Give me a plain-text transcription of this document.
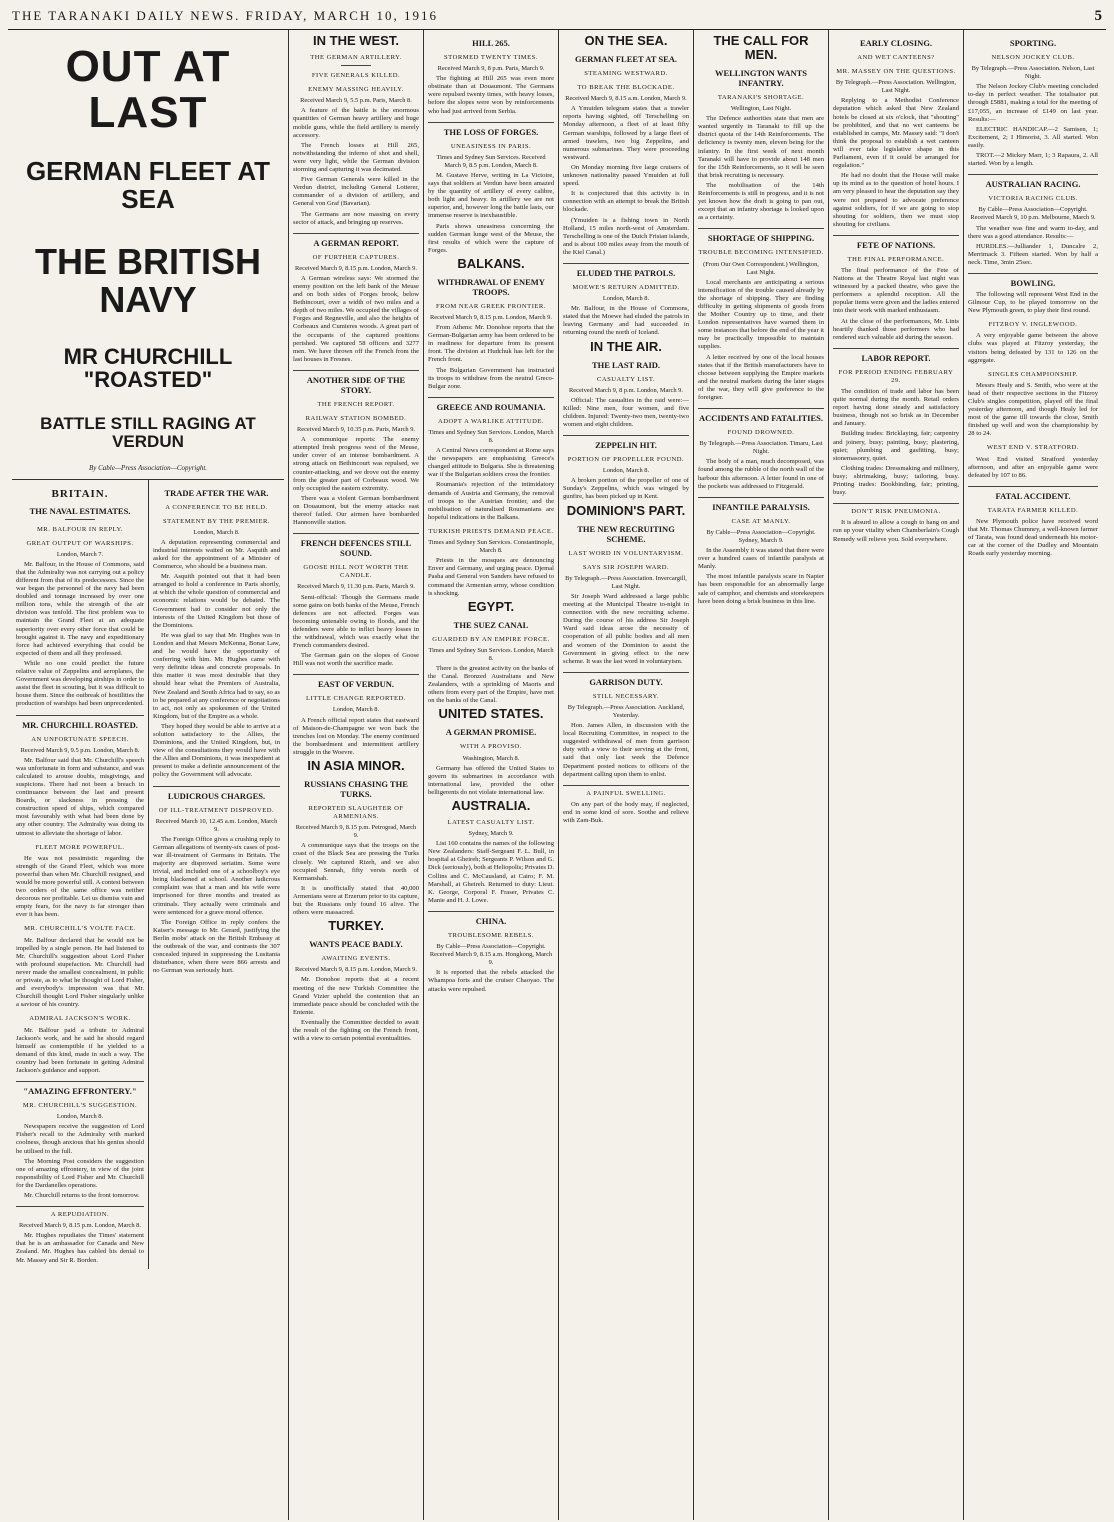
THE TARANAKI DAILY NEWS. FRIDAY, MARCH 10, 1916	5
OUT AT LAST
GERMAN FLEET AT SEA
THE BRITISH NAVY
MR CHURCHILL "ROASTED"
BATTLE STILL RAGING AT VERDUN
By Cable—Press Association—Copyright.
BRITAIN.
THE NAVAL ESTIMATES.
MR. BALFOUR IN REPLY.
GREAT OUTPUT OF WARSHIPS.
London, March 7.

Mr. Balfour, in the House of Commons, said that the Admiralty was not carrying out a policy different from that of its predecessors. Since the war began the personnel of the navy had been doubled and tonnage increased by over one million tons, while the strength of the air division was tenfold. The first problem was to maintain the Grand Fleet at an adequate superiority over every other force that could be brought against it. The navy and expeditionary force had achieved everything that could be expected of them and all they professed.

While no one could predict the future relative value of Zeppelins and aeroplanes, the Government was developing airships in order to assist the fleet in scouting, but it was difficult to house them. Since the outbreak of hostilities the production of warships had been unprecedented.

MR. CHURCHILL ROASTED.
AN UNFORTUNATE SPEECH.
Received March 9, 9.5 p.m. London, March 8.

Mr. Balfour said that Mr. Churchill's speech was unfortunate in form and substance, and was calculated to arouse doubts, misgivings, and suspicions. There had not been a breach in continuance between the last and present Boards, or slackness in pressing the construction speed of ships, which compared most favourably with what had been done by any other country. The Admiralty was doing its utmost to alleviate the shortage of labor.

FLEET MORE POWERFUL.

He was not pessimistic regarding the strength of the Grand Fleet, which was more powerful than when Mr. Churchill resigned, and would be more powerful still. A contest between two orders of the same office was neither decorous nor profitable. Let us dismiss vain and empty fears, for the navy is far stronger than ever it has been.

MR. CHURCHILL'S VOLTE FACE.

Mr. Balfour declared that he would not be impelled by a single person. He had listened to Mr. Churchill's suggestion about Lord Fisher with profound stupefaction. Mr. Churchill had never made the smallest concealment, in public or private, as to what he thought of Lord Fisher, and everybody's impression was that Mr. Churchill thought Lord Fisher singularly unlike a saviour of his country.

ADMIRAL JACKSON'S WORK.

Mr. Balfour paid a tribute to Admiral Jackson's work, and he said he should regard himself as contemptible if he yielded to a demand of this kind, made in such a way. The country had been fortunate in getting Admiral Jackson's guidance and support.

"AMAZING EFFRONTERY."
MR. CHURCHILL'S SUGGESTION.
London, March 8.

Newspapers receive the suggestion of Lord Fisher's recall to the Admiralty with marked coolness, though anxious that his genius should be utilised to the full.

The Morning Post considers the suggestion one of amazing effrontery, in view of the joint responsibility of Lord Fisher and Mr. Churchill for the Dardanelles operations.

Mr. Churchill returns to the front tomorrow.

A REPUDIATION.
Received March 9, 8.15 p.m. London, March 8.

Mr. Hughes repudiates the Times' statement that he is an ambassador for Canada and New Zealand. Mr. Hughes has cabled his denial to Mr. Massey and Sir R. Borden.

TRADE AFTER THE WAR.
A CONFERENCE TO BE HELD.
STATEMENT BY THE PREMIER.
London, March 8.

A deputation representing commercial and industrial interests waited on Mr. Asquith and asked for the appointment of a Minister of Commerce, who should be a business man.

Mr. Asquith pointed out that it had been arranged to hold a conference in Paris shortly, at which the whole question of commercial and economic relations would be debated. The Government had to consider not only the interests of the United Kingdom but those of the Dominions.

He was glad to say that Mr. Hughes was in London and that Messrs McKenna, Bonar Law, and he would have the opportunity of conferring with him. Mr. Hughes came with very definite ideas and concrete proposals. In this matter it was most desirable that they should hear what the Premiers of Australia, New Zealand and South Africa had to say, so as to be prepared at any conference or negotiations to act, not only as spokesmen of the United Kingdom, but of the Empire as a whole.

They hoped they would be able to arrive at a solution satisfactory to the Allies, the Dominions, and the United Kingdom, but, in view of the consultations they would have with the Allies and Dominions, it was inexpedient at present to make a definite announcement of the policy the Government will advocate.

LUDICROUS CHARGES.
OF ILL-TREATMENT DISPROVED.
Received March 10, 12.45 a.m. London, March 9.

The Foreign Office gives a crushing reply to German allegations of twenty-six cases of post-war ill-treatment of Germans in Britain. The majority are disproved seriatim. Some were trivial, and included one of a schoolboy's eye being blackened at school. Another ludicrous complaint was that a man and his wife were imprisoned for three months and treated as criminals. They actually were criminals and were sentenced for a grave moral offence.

The Foreign Office in reply confers the Kaiser's message to Mr. Gerard, justifying the Berlin mobs' attack on the British Embassy at the outbreak of the war, and contrasts the 307 concealed injured in suppressing the Lusitania disturbance, when there were 866 arrests and no German was seriously hurt.

IN THE WEST.
THE GERMAN ARTILLERY.
FIVE GENERALS KILLED.
ENEMY MASSING HEAVILY.
Received March 9, 5.5 p.m. Paris, March 8.

A feature of the battle is the enormous quantities of German heavy artillery and huge mobile guns, while the field artillery is merely accessory.

The French losses at Hill 265, notwithstanding the inferno of shot and shell, were very light, while the German division storming and capturing it was decimated.

Five German Generals were killed in the Verdun district, including General Lotterer, commander of a division of artillery, and General von Graf (Bavarian).

The Germans are now massing on every sector of attack, and bringing up reserves.

A GERMAN REPORT.
OF FURTHER CAPTURES.
Received March 9, 8.15 p.m. London, March 9.

A German wireless says: We stormed the enemy position on the left bank of the Meuse and on both sides of Forges brook, below Bethincourt, over a width of two miles and a depth of two miles. We occupied the villages of Forges and Regneville, and also the heights of Corbeaux and Cumieres woods. A great part of the occupants of the captured positions perished. We captured 58 officers and 3277 men. We have thrown off the French from the last houses in Fresnes.

ANOTHER SIDE OF THE STORY.
THE FRENCH REPORT.
RAILWAY STATION BOMBED.
Received March 9, 10.35 p.m. Paris, March 9.

A communique reports: The enemy attempted fresh progress west of the Meuse, under cover of an intense bombardment. A strong attack on Bethincourt was repulsed, we counter-attacking, and we drove out the enemy from the greater part of Corbeaux wood. We only occupied the eastern extremity.

There was a violent German bombardment on Douaumont, but the enemy attacks east thereof failed. Our airmen have bombarded Hannonville station.

FRENCH DEFENCES STILL SOUND.
GOOSE HILL NOT WORTH THE CANDLE.
Received March 9, 11.30 p.m. Paris, March 9.

Semi-official: Though the Germans made some gains on both banks of the Meuse, French defences are not affected. Forges was becoming untenable owing to floods, and the defenders were able to inflict heavy losses in the withdrawal, which was exactly what the French commanders desired.

The German gain on the slopes of Goose Hill was not worth the sacrifice made.

EAST OF VERDUN.
LITTLE CHANGE REPORTED.
London, March 8.

A French official report states that eastward of Maison-de-Champagne we won back the trenches lost on Monday. The enemy continued the bombardment and intermittent artillery struggle in the Woevre.

IN ASIA MINOR.
RUSSIANS CHASING THE TURKS.
REPORTED SLAUGHTER OF ARMENIANS.
Received March 9, 8.15 p.m. Petrograd, March 9.

A communique says that the troops on the coast of the Black Sea are pressing the Turks closely. We captured Rizeh, and we also occupied Sennah, fifty versts north of Kermanshah.

It is unofficially stated that 40,000 Armenians were at Erzerum prior to its capture, but the Russians only found 16 alive. The others were massacred.

TURKEY.
WANTS PEACE BADLY.
AWAITING EVENTS.
Received March 9, 8.15 p.m. London, March 9.

Mr. Donohoe reports that at a recent meeting of the new Turkish Committee the Grand Vizier upheld the contention that an immediate peace should be concluded with the Entente.

Eventually the Committee decided to await the result of the fighting on the French front, with a view to certain potential eventualities.

HILL 265.
STORMED TWENTY TIMES.
Received March 9, 8 p.m. Paris, March 9.

The fighting at Hill 265 was even more obstinate than at Douaumont. The Germans were repulsed twenty times, with heavy losses, before the slopes were won by reinforcements who had just arrived from Serbia.

THE LOSS OF FORGES.
UNEASINESS IN PARIS.
Times and Sydney Sun Services. Received March 9, 8.5 p.m. London, March 8.

M. Gustave Herve, writing in La Victoire, says that soldiers at Verdun have been amazed by the quantity of artillery of every calibre, both light and heavy. In artillery we are not superior, and, however long the battle lasts, our immense reserve is inexhaustible.

Paris shows uneasiness concerning the sudden German lunge west of the Meuse, the first results of which were the capture of Forges.

BALKANS.
WITHDRAWAL OF ENEMY TROOPS.
FROM NEAR GREEK FRONTIER.
Received March 9, 8.15 p.m. London, March 9.

From Athens: Mr. Donohoe reports that the German-Bulgarian army has been ordered to be in readiness for departure from its present front. The division at Hudchuk has left for the French front.

The Bulgarian Government has instructed its troops to withdraw from the neutral Greco-Bulgar zone.

GREECE AND ROUMANIA.
ADOPT A WARLIKE ATTITUDE.
Times and Sydney Sun Services. London, March 8.

A Central News correspondent at Rome says the newspapers are emphasising Greece's changed attitude to Bulgaria. She is threatening war if the Bulgarian soldiers cross the frontier.

Roumania's rejection of the intimidatory demands of Austria and Germany, the removal of troops to the Austrian frontier, and the mobilisation of naturalised Roumanians are hopeful indications in the Balkans.

TURKISH PRIESTS DEMAND PEACE.
Times and Sydney Sun Services. Constantinople, March 8.

Priests in the mosques are denouncing Enver and Germany, and urging peace. Djemal Pasha and General von Sanders have refused to command the Armenian army, whose condition is shocking.

EGYPT.
THE SUEZ CANAL
GUARDED BY AN EMPIRE FORCE.
Times and Sydney Sun Services. London, March 8.

There is the greatest activity on the banks of the Canal. Bronzed Australians and New Zealanders, with a sprinkling of Maoris and others from every part of the Empire, have met on the banks of the Canal.

UNITED STATES.
A GERMAN PROMISE.
WITH A PROVISO.
Washington, March 8.

Germany has offered the United States to govern its submarines in accordance with international law, provided the other belligerents do not violate international law.

AUSTRALIA.
LATEST CASUALTY LIST.
Sydney, March 9.

List 160 contains the names of the following New Zealanders: Staff-Sergeant F. L. Bull, in hospital at Gheireh; Sergeants P. Wilson and G. Dick (seriously), both at Heliopolis; Privates D. Collins and C. McCausland, at Cairo; F. M. Marshall, at Gheireh. Returned to duty: Lieut. K. George, Corporal F. Fraser, Privates C. Manie and H. J. Lowe.

CHINA.
TROUBLESOME REBELS.
By Cable—Press Association—Copyright. Received March 9, 8.15 a.m. Hongkong, March 9.

It is reported that the rebels attacked the Whampoa forts and the cruiser Chaoyao. The attacks were repulsed.

ON THE SEA.
GERMAN FLEET AT SEA.
STEAMING WESTWARD.
TO BREAK THE BLOCKADE.
Received March 9, 8.15 a.m. London, March 9.

A Ymuiden telegram states that a trawler reports having sighted, off Terschelling on Monday afternoon, a fleet of at least fifty German warships, followed by a large fleet of armed trawlers, two big Zeppelins, and numerous submarines. They were proceeding westward.

On Monday morning five large cruisers of unknown nationality passed Ymuiden at full speed.

It is conjectured that this activity is in connection with an attempt to break the British blockade.

(Ymuiden is a fishing town in North Holland, 15 miles north-west of Amsterdam. Terschelling is one of the Dutch Frisian islands, and is about 100 miles away from the mouth of the Kiel Canal.)

ELUDED THE PATROLS.
MOEWE'S RETURN ADMITTED.
London, March 8.

Mr. Balfour, in the House of Commons, stated that the Moewe had eluded the patrols in leaving Germany and had succeeded in returning round the north of Iceland.

IN THE AIR.
THE LAST RAID.
CASUALTY LIST.
Received March 9, 8 p.m. London, March 9.

Official: The casualties in the raid were:—Killed: Nine men, four women, and five children. Injured: Twenty-two men, twenty-two women and eight children.

ZEPPELIN HIT.
PORTION OF PROPELLER FOUND.
London, March 8.

A broken portion of the propeller of one of Sunday's Zeppelins, which was winged by gunfire, has been picked up in Kent.

DOMINION'S PART.
THE NEW RECRUITING SCHEME.
LAST WORD IN VOLUNTARYISM.
SAYS SIR JOSEPH WARD.
By Telegraph.—Press Association. Invercargill, Last Night.

Sir Joseph Ward addressed a large public meeting at the Municipal Theatre to-night in connection with the new recruiting scheme. During the course of his address Sir Joseph Ward said ideas arose the necessity of cooperation of all public bodies and all men and women of the Dominion to assist the Government in giving effect to the new scheme. It was the last word in voluntaryism.

GARRISON DUTY.
STILL NECESSARY.
By Telegraph.—Press Association. Auckland, Yesterday.

Hon. James Allen, in discussion with the local Recruiting Committee, in respect to the suggested withdrawal of men from garrison duty with a view to their serving at the front, said that only last week the Defence Department posted notices to officers of the department calling upon them to enlist.

A PAINFUL SWELLING.

On any part of the body may, if neglected, end in some kind of sore. Soothe and relieve with Zam-Buk.

THE CALL FOR MEN.
WELLINGTON WANTS INFANTRY.
TARANAKI'S SHORTAGE.
Wellington, Last Night.

The Defence authorities state that men are wanted urgently in Taranaki to fill up the district quota of the 14th Reinforcements. The deficiency is twenty men, eleven being for the infantry. In the first week of next month Taranaki will have to provide about 148 men for the 15th Reinforcements, so it will be seen that brisk recruiting is necessary.

The mobilisation of the 14th Reinforcements is still in progress, and it is not yet known how the draft is going to pan out, except that an infantry shortage is looked upon as a certainty.

SHORTAGE OF SHIPPING.
TROUBLE BECOMING INTENSIFIED.
(From Our Own Correspondent.) Wellington, Last Night.

Local merchants are anticipating a serious intensification of the trouble caused already by the shortage of shipping. They are finding difficulty in getting shipments of goods from the Mother Country up to time, and their London representatives have warned them in some instances that before the end of the year it may be practically impossible to maintain supplies.

A letter received by one of the local houses states that if the British manufacturers have to choose between supplying the Empire markets and the neutral markets during the later stages of the war, they will give preference to the foreigner.

ACCIDENTS AND FATALITIES.
FOUND DROWNED.
By Telegraph.—Press Association. Timaru, Last Night.

The body of a man, much decomposed, was found among the rubble of the north wall of the harbour this afternoon. A letter found in one of the pockets was addressed to Fitzgerald.

INFANTILE PARALYSIS.
CASE AT MANLY.
By Cable—Press Association—Copyright. Sydney, March 9.

In the Assembly it was stated that there were over a hundred cases of infantile paralysis at Manly.

The most infantile paralysis scare in Napier has been responsible for an abnormally large sale of camphor, and chemists and storekeepers have been doing a brisk business in this line.

EARLY CLOSING.
AND WET CANTEENS?
MR. MASSEY ON THE QUESTIONS.
By Telegraph.—Press Association. Wellington, Last Night.

Replying to a Methodist Conference deputation which asked that New Zealand hotels be closed at six o'clock, that "shouting" be prohibited, and that no wet canteens be established in camps, Mr. Massey said: "I don't think the proposal to establish a wet canteen will ever take legislative shape in this Parliament, even if it could be arranged for regulation."

He had no doubt that the House will make up its mind as to the question of hotel hours. I am very pleased to hear the deputation say they were not prepared to advocate preference against soldiers, for if we are going to stop shouting for soldiers, then we must stop shouting for civilians.

FETE OF NATIONS.
THE FINAL PERFORMANCE.

The final performance of the Fete of Nations at the Theatre Royal last night was witnessed by a packed theatre, who gave the performers a splendid reception. All the popular items were given and the ladies entered into their work with marked enthusiasm.

At the close of the performances, Mr. Lints heartily thanked those performers who had rendered such valuable aid during the season.

LABOR REPORT.
FOR PERIOD ENDING FEBRUARY 29.

The condition of trade and labor has been quite normal during the month. Retail orders report having done steady and satisfactory business, though not so brisk as in December and January.

Building trades: Bricklaying, fair; carpentry and joinery, busy; painting, busy; plastering, quiet; plumbing and gasfitting, busy; stonemasonry, quiet.

Clothing trades: Dressmaking and millinery, busy; shirtmaking, busy; tailoring, busy. Printing trades: Bookbinding, fair; printing, busy.

DON'T RISK PNEUMONIA.

It is absurd to allow a cough to hang on and run up your vitality when Chamberlain's Cough Remedy will relieve you. Sold everywhere.

SPORTING.
NELSON JOCKEY CLUB.
By Telegraph.—Press Association. Nelson, Last Night.

The Nelson Jockey Club's meeting concluded to-day in perfect weather. The totalisator put through £5881, making a total for the meeting of £17,055, an increase of £149 on last year. Results:—

ELECTRIC HANDICAP.—2 Samisen, 1; Excitement, 2; I Himorist, 3. All started. Won easily.

TROT.—2 Mickey Marr, 1; 3 Rapaura, 2. All started. Won by a length.

AUSTRALIAN RACING.
VICTORIA RACING CLUB.
By Cable—Press Association—Copyright. Received March 9, 10 p.m. Melbourne, March 9.

The weather was fine and warm to-day, and there was a good attendance. Results:—

HURDLES.—Julliander 1, Duncalre 2, Merrimack 3. Fifteen started. Won by half a neck. Time, 3min 25sec.

BOWLING.

The following will represent West End in the Gilmour Cup, to be played tomorrow on the New Plymouth green, to play their first round.

FITZROY V. INGLEWOOD.

A very enjoyable game between the above clubs was played at Fitzroy yesterday, the visitors being defeated by 131 to 126 on the aggregate.

SINGLES CHAMPIONSHIP.

Messrs Healy and S. Smith, who were at the head of their respective sections in the Fitzroy Club's singles competition, played off the final yesterday afternoon, and though Healy led for most of the game till towards the close, Smith finished up well and won the championship by 28 to 24.

WEST END V. STRATFORD.

West End visited Stratford yesterday afternoon, and after an enjoyable game were defeated by 107 to 86.

FATAL ACCIDENT.
TARATA FARMER KILLED.

New Plymouth police have received word that Mr. Thomas Chumney, a well-known farmer of Tarata, was found dead underneath his motor-car at the corner of the Dudley and Mountain Roads early yesterday morning.
